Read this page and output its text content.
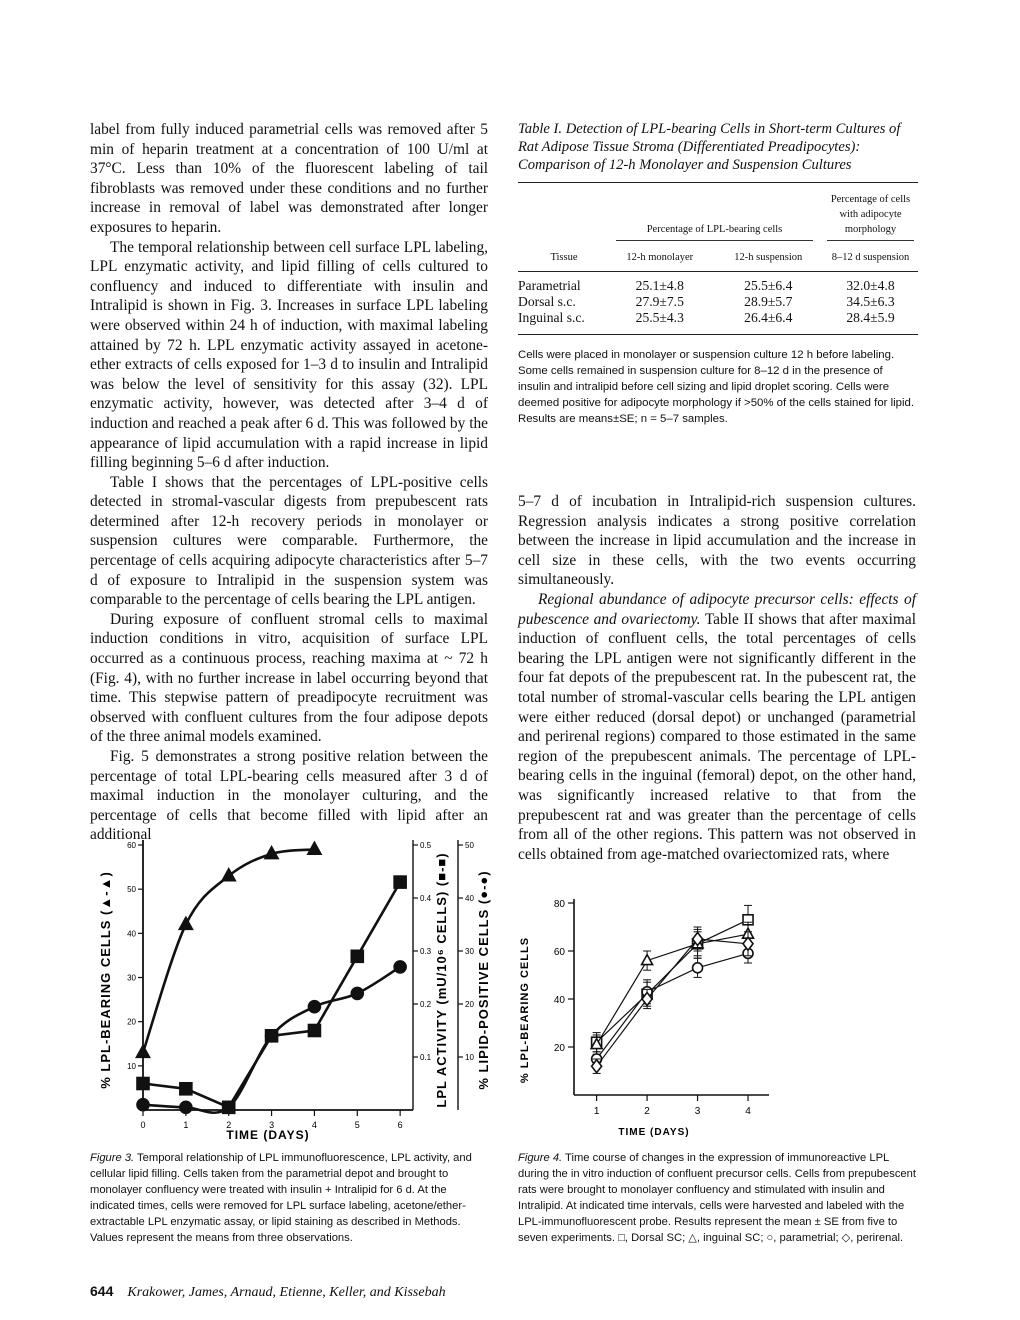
label from fully induced parametrial cells was removed after 5 min of heparin treatment at a concentration of 100 U/ml at 37°C. Less than 10% of the fluorescent labeling of tail fibroblasts was removed under these conditions and no further increase in removal of label was demonstrated after longer exposures to heparin.

The temporal relationship between cell surface LPL labeling, LPL enzymatic activity, and lipid filling of cells cultured to confluency and induced to differentiate with insulin and Intralipid is shown in Fig. 3. Increases in surface LPL labeling were observed within 24 h of induction, with maximal labeling attained by 72 h. LPL enzymatic activity assayed in acetone-ether extracts of cells exposed for 1–3 d to insulin and Intralipid was below the level of sensitivity for this assay (32). LPL enzymatic activity, however, was detected after 3–4 d of induction and reached a peak after 6 d. This was followed by the appearance of lipid accumulation with a rapid increase in lipid filling beginning 5–6 d after induction.

Table I shows that the percentages of LPL-positive cells detected in stromal-vascular digests from prepubescent rats determined after 12-h recovery periods in monolayer or suspension cultures were comparable. Furthermore, the percentage of cells acquiring adipocyte characteristics after 5–7 d of exposure to Intralipid in the suspension system was comparable to the percentage of cells bearing the LPL antigen.

During exposure of confluent stromal cells to maximal induction conditions in vitro, acquisition of surface LPL occurred as a continuous process, reaching maxima at ~ 72 h (Fig. 4), with no further increase in label occurring beyond that time. This stepwise pattern of preadipocyte recruitment was observed with confluent cultures from the four adipose depots of the three animal models examined.

Fig. 5 demonstrates a strong positive relation between the percentage of total LPL-bearing cells measured after 3 d of maximal induction in the monolayer culturing, and the percentage of cells that become filled with lipid after an additional

Table I. Detection of LPL-bearing Cells in Short-term Cultures of Rat Adipose Tissue Stroma (Differentiated Preadipocytes): Comparison of 12-h Monolayer and Suspension Cultures

	Percentage of LPL-bearing cells		Percentage of cells with adipocyte morphology

Tissue	12-h monolayer	12-h suspension	8–12 d suspension

Parametrial	25.1±4.8	25.5±6.4	32.0±4.8
Dorsal s.c.	27.9±7.5	28.9±5.7	34.5±6.3
Inguinal s.c.	25.5±4.3	26.4±6.4	28.4±5.9

Cells were placed in monolayer or suspension culture 12 h before labeling. Some cells remained in suspension culture for 8–12 d in the presence of insulin and intralipid before cell sizing and lipid droplet scoring. Cells were deemed positive for adipocyte morphology if >50% of the cells stained for lipid. Results are means±SE; n = 5–7 samples.

5–7 d of incubation in Intralipid-rich suspension cultures. Regression analysis indicates a strong positive correlation between the increase in lipid accumulation and the increase in cell size in these cells, with the two events occurring simultaneously.

Regional abundance of adipocyte precursor cells: effects of pubescence and ovariectomy. Table II shows that after maximal induction of confluent cells, the total percentages of cells bearing the LPL antigen were not significantly different in the four fat depots of the prepubescent rat. In the pubescent rat, the total number of stromal-vascular cells bearing the LPL antigen were either reduced (dorsal depot) or unchanged (parametrial and perirenal regions) compared to those estimated in the same region of the prepubescent animals. The percentage of LPL-bearing cells in the inguinal (femoral) depot, on the other hand, was significantly increased relative to that from the prepubescent rat and was greater than the percentage of cells from all of the other regions. This pattern was not observed in cells obtained from age-matched ovariectomized rats, where

0	1	2	3	4	5	6
10
20
30
40
50
60
0.1
0.2
0.3
0.4
0.5
10
20
30
40
50
% LPL-BEARING CELLS (▲-▲)	LPL ACTIVITY (mU/10⁶ CELLS) (■-■) % LIPID-POSITIVE CELLS (●-●)
TIME (DAYS)
Figure 3. Temporal relationship of LPL immunofluorescence, LPL activity, and cellular lipid filling. Cells taken from the parametrial depot and brought to monolayer confluency were treated with insulin + Intralipid for 6 d. At the indicated times, cells were removed for LPL surface labeling, acetone/ether-extractable LPL enzymatic assay, or lipid staining as described in Methods. Values represent the means from three observations.
20
40
60
80
1	2	3	4
% LPL-BEARING CELLS
TIME (DAYS)
Figure 4. Time course of changes in the expression of immunoreactive LPL during the in vitro induction of confluent precursor cells. Cells from prepubescent rats were brought to monolayer confluency and stimulated with insulin and Intralipid. At indicated time intervals, cells were harvested and labeled with the LPL-immunofluorescent probe. Results represent the mean ± SE from five to seven experiments. □, Dorsal SC; △, inguinal SC; ○, parametrial; ◇, perirenal.
644 Krakower, James, Arnaud, Etienne, Keller, and Kissebah
